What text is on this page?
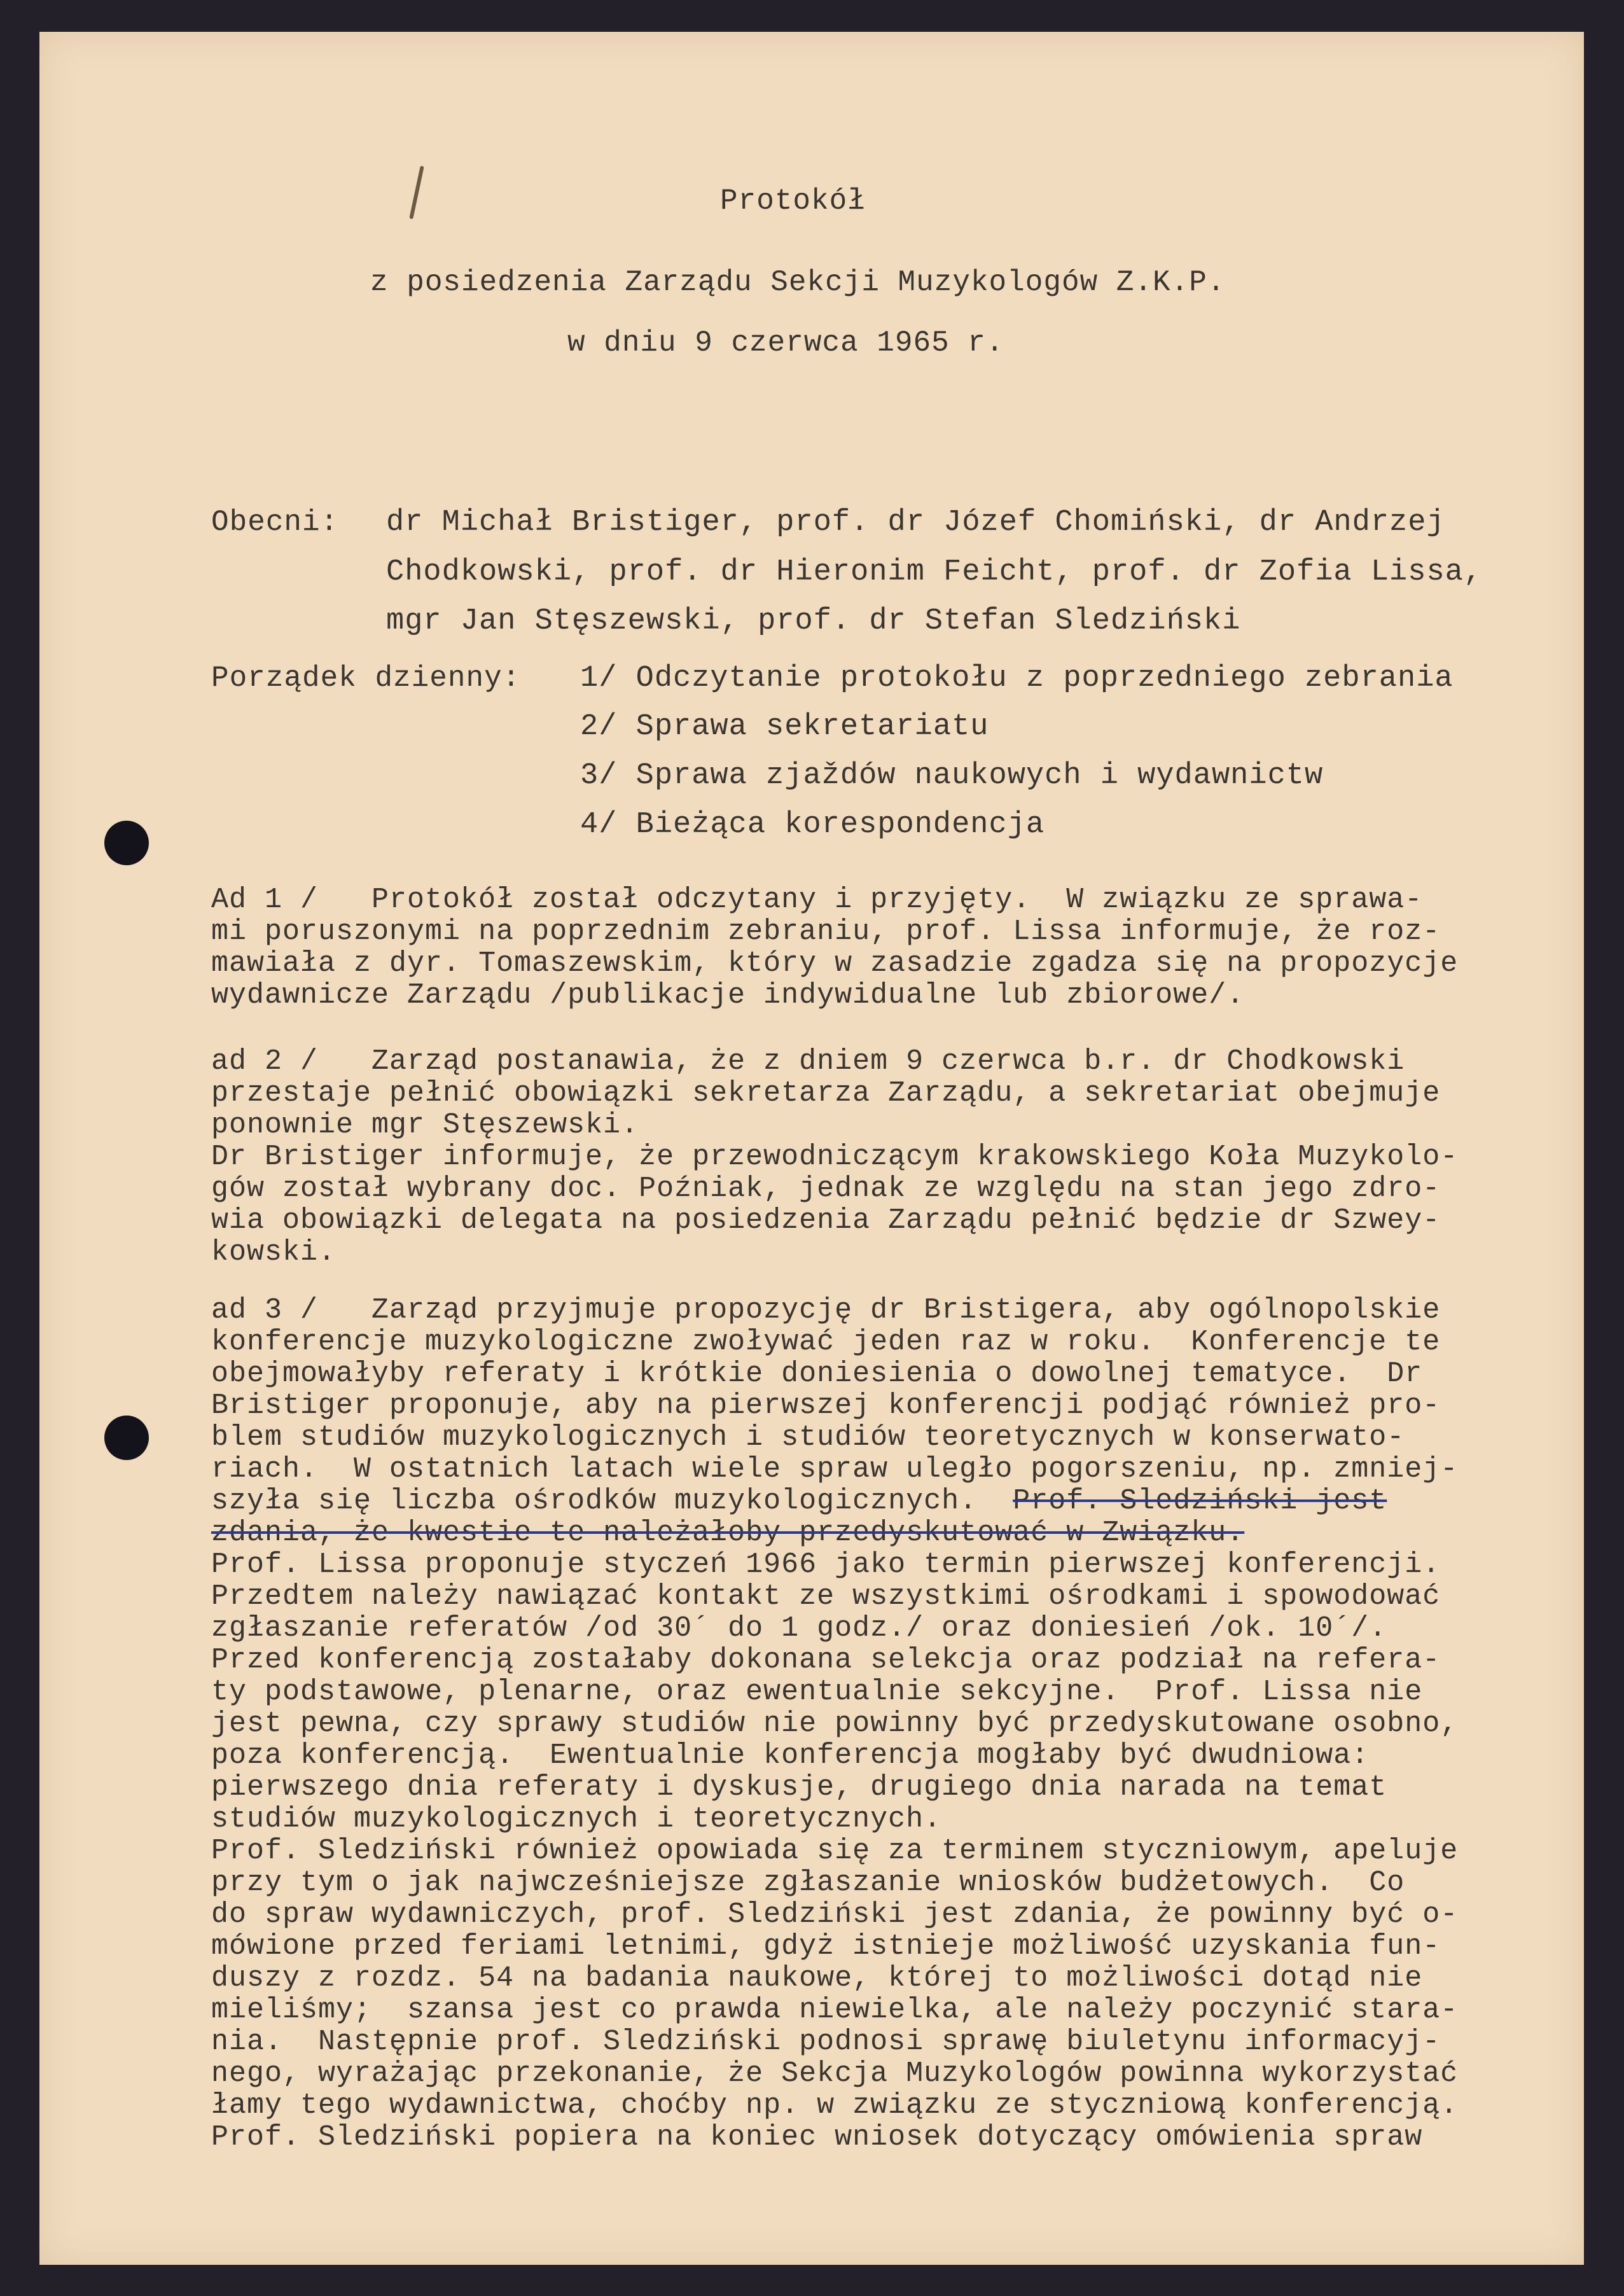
Protokół
z posiedzenia Zarządu Sekcji Muzykologów Z.K.P.
w dniu 9 czerwca 1965 r.
Obecni: dr Michał Bristiger, prof. dr Józef Chomiński, dr Andrzej
Chodkowski, prof. dr Hieronim Feicht, prof. dr Zofia Lissa,
mgr Jan Stęszewski, prof. dr Stefan Sledziński
Porządek dzienny: 1/ Odczytanie protokołu z poprzedniego zebrania
2/ Sprawa sekretariatu
3/ Sprawa zjaždów naukowych i wydawnictw
4/ Bieżąca korespondencja
Ad 1 /   Protokół został odczytany i przyjęty.  W związku ze sprawa-
mi poruszonymi na poprzednim zebraniu, prof. Lissa informuje, że roz-
mawiała z dyr. Tomaszewskim, który w zasadzie zgadza się na propozycje
wydawnicze Zarządu /publikacje indywidualne lub zbiorowe/.
ad 2 /   Zarząd postanawia, że z dniem 9 czerwca b.r. dr Chodkowski
przestaje pełnić obowiązki sekretarza Zarządu, a sekretariat obejmuje
ponownie mgr Stęszewski.
Dr Bristiger informuje, że przewodniczącym krakowskiego Koła Muzykolo-
gów został wybrany doc. Poźniak, jednak ze względu na stan jego zdro-
wia obowiązki delegata na posiedzenia Zarządu pełnić będzie dr Szwey-
kowski.
ad 3 /   Zarząd przyjmuje propozycję dr Bristigera, aby ogólnopolskie
konferencje muzykologiczne zwoływać jeden raz w roku.  Konferencje te
obejmowałyby referaty i krótkie doniesienia o dowolnej tematyce.  Dr
Bristiger proponuje, aby na pierwszej konferencji podjąć również pro-
blem studiów muzykologicznych i studiów teoretycznych w konserwato-
riach.  W ostatnich latach wiele spraw uległo pogorszeniu, np. zmniej-
szyła się liczba ośrodków muzykologicznych.  Prof. Sledziński jest
zdania, że kwestie te należałoby przedyskutować w Związku.
Prof. Lissa proponuje styczeń 1966 jako termin pierwszej konferencji.
Przedtem należy nawiązać kontakt ze wszystkimi ośrodkami i spowodować
zgłaszanie referatów /od 30´ do 1 godz./ oraz doniesień /ok. 10´/.
Przed konferencją zostałaby dokonana selekcja oraz podział na refera-
ty podstawowe, plenarne, oraz ewentualnie sekcyjne.  Prof. Lissa nie
jest pewna, czy sprawy studiów nie powinny być przedyskutowane osobno,
poza konferencją.  Ewentualnie konferencja mogłaby być dwudniowa:
pierwszego dnia referaty i dyskusje, drugiego dnia narada na temat
studiów muzykologicznych i teoretycznych.
Prof. Sledziński również opowiada się za terminem styczniowym, apeluje
przy tym o jak najwcześniejsze zgłaszanie wniosków budżetowych.  Co
do spraw wydawniczych, prof. Sledziński jest zdania, że powinny być o-
mówione przed feriami letnimi, gdyż istnieje możliwość uzyskania fun-
duszy z rozdz. 54 na badania naukowe, której to możliwości dotąd nie
mieliśmy;  szansa jest co prawda niewielka, ale należy poczynić stara-
nia.  Następnie prof. Sledziński podnosi sprawę biuletynu informacyj-
nego, wyrażając przekonanie, że Sekcja Muzykologów powinna wykorzystać
łamy tego wydawnictwa, choćby np. w związku ze styczniową konferencją.
Prof. Sledziński popiera na koniec wniosek dotyczący omówienia spraw
